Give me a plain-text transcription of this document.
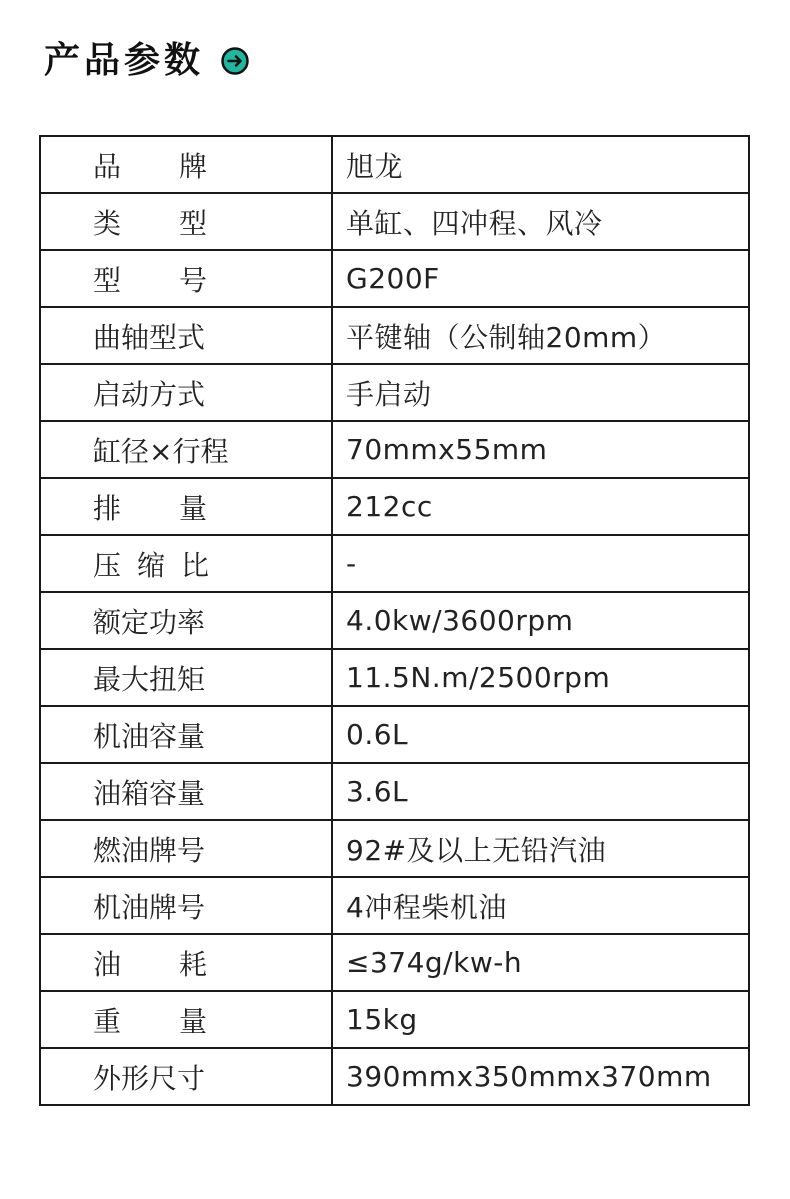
产品参数
品牌	旭龙
类型	单缸、四冲程、风冷
型号	G200F
曲轴型式	平键轴（公制轴20mm）
启动方式	手启动
缸径×行程	70mmx55mm
排量	212cc
压缩比	-
额定功率	4.0kw/3600rpm
最大扭矩	11.5N.m/2500rpm
机油容量	0.6L
油箱容量	3.6L
燃油牌号	92#及以上无铅汽油
机油牌号	4冲程柴机油
油耗	≤374g/kw-h
重量	15kg
外形尺寸	390mmx350mmx370mm
